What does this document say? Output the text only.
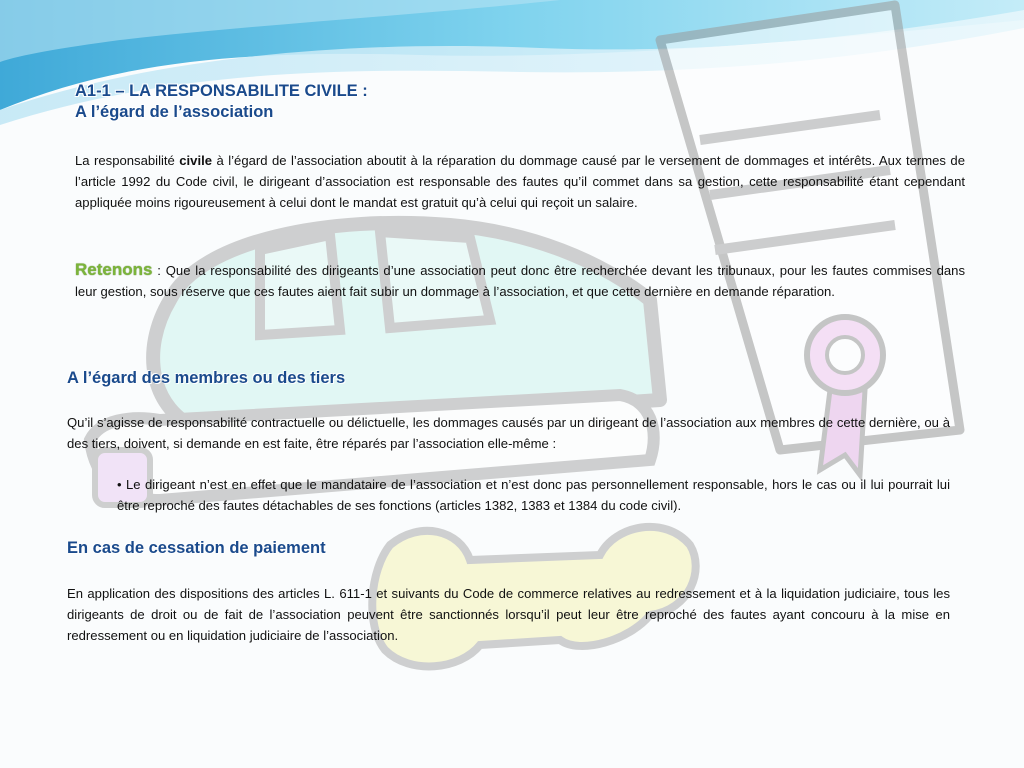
A1-1 – LA RESPONSABILITE CIVILE :
A l’égard de l’association
La responsabilité civile à l’égard de l’association aboutit à la réparation du dommage causé par le versement de dommages et intérêts. Aux termes de l’article 1992 du Code civil, le dirigeant d’association est responsable des fautes qu’il commet dans sa gestion, cette responsabilité étant cependant appliquée moins rigoureusement à celui dont le mandat est gratuit qu’à celui qui reçoit un salaire.
Retenons : Que la responsabilité des dirigeants d’une association peut donc être recherchée devant les tribunaux, pour les fautes commises dans leur gestion, sous réserve que ces fautes aient fait subir un dommage à l’association, et que cette dernière en demande réparation.
A l’égard des membres ou des tiers
Qu’il s’agisse de responsabilité contractuelle ou délictuelle, les dommages causés par un dirigeant de l’association aux membres de cette dernière, ou à des tiers, doivent, si demande en est faite, être réparés par l’association elle-même :
• Le dirigeant n’est en effet que le mandataire de l’association et n’est donc pas personnellement responsable, hors le cas ou il lui pourrait lui être reproché des fautes détachables de ses fonctions (articles 1382, 1383 et 1384 du code civil).
En cas de cessation de paiement
En application des dispositions des articles L. 611-1 et suivants du Code de commerce relatives au redressement et à la liquidation judiciaire, tous les dirigeants de droit ou de fait de l’association peuvent être sanctionnés lorsqu’il peut leur être reproché des fautes ayant concouru à la mise en redressement ou en liquidation judiciaire de l’association.
